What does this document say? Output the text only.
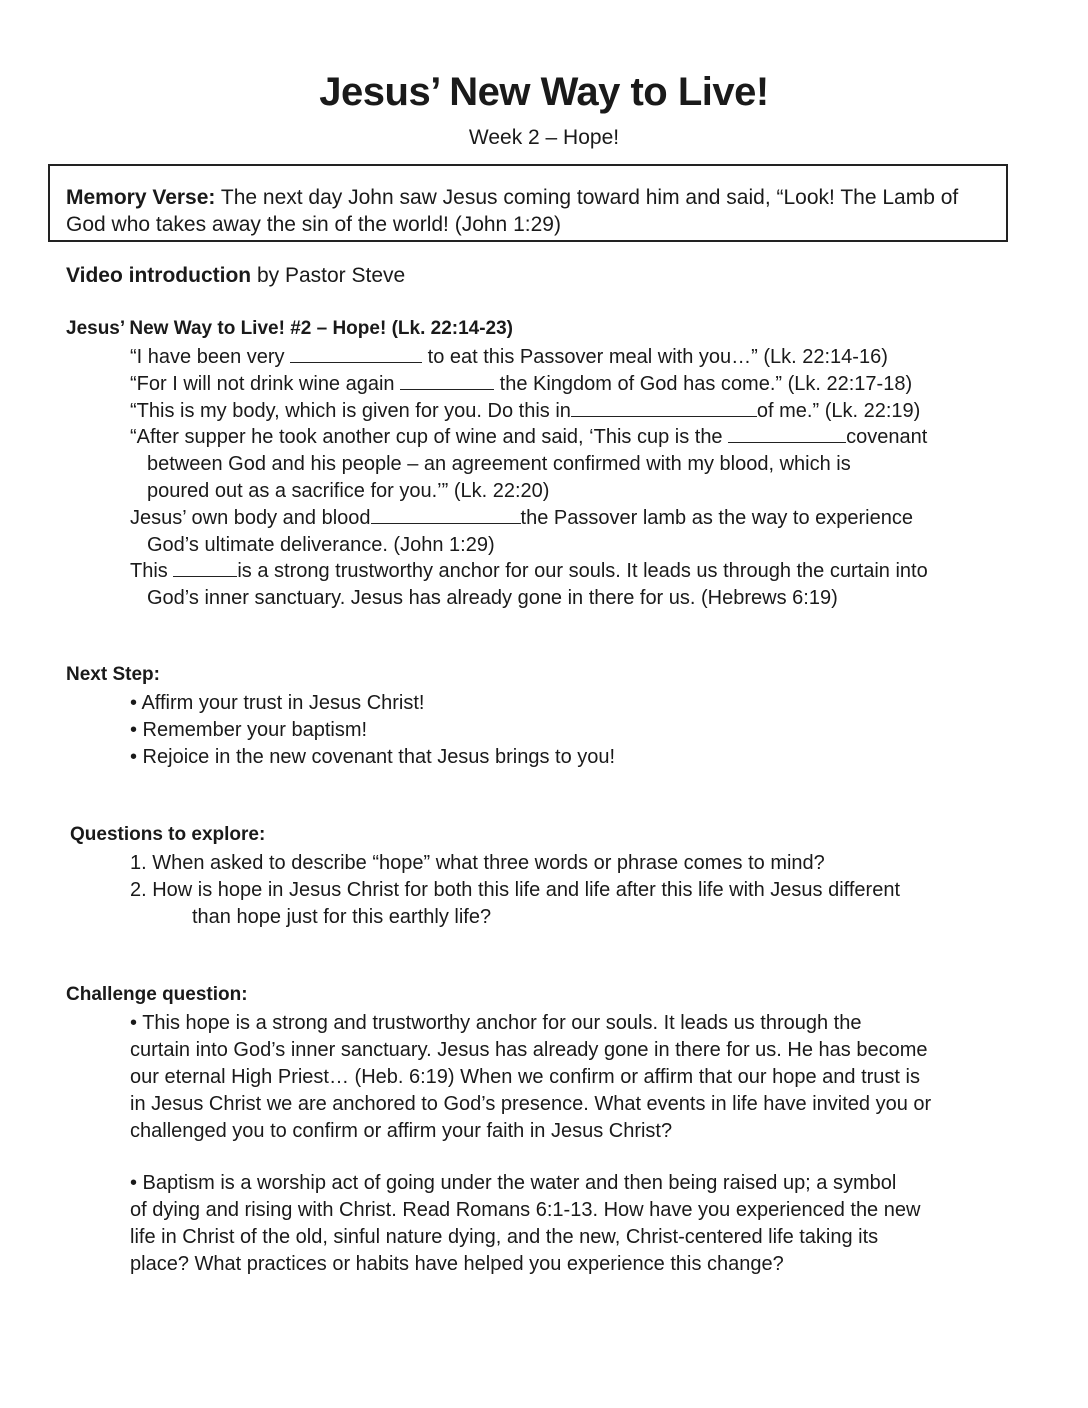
Jesus’ New Way to Live!
Week 2 – Hope!
Memory Verse: The next day John saw Jesus coming toward him and said, “Look! The Lamb of God who takes away the sin of the world! (John 1:29)
Video introduction by Pastor Steve
Jesus’ New Way to Live! #2 – Hope! (Lk. 22:14-23)
“I have been very	to eat this Passover meal with you…” (Lk. 22:14-16)
“For I will not drink wine again	the Kingdom of God has come.” (Lk. 22:17-18)
“This is my body, which is given for you. Do this in	of me.” (Lk. 22:19)
“After supper he took another cup of wine and said, ‘This cup is the	covenant
between God and his people – an agreement confirmed with my blood, which is
poured out as a sacrifice for you.’” (Lk. 22:20)
Jesus’ own body and blood	the Passover lamb as the way to experience
God’s ultimate deliverance. (John 1:29)
This	is a strong trustworthy anchor for our souls. It leads us through the curtain into
God’s inner sanctuary. Jesus has already gone in there for us. (Hebrews 6:19)
Next Step:
• Affirm your trust in Jesus Christ!
• Remember your baptism!
• Rejoice in the new covenant that Jesus brings to you!
Questions to explore:
1. When asked to describe “hope” what three words or phrase comes to mind?
2. How is hope in Jesus Christ for both this life and life after this life with Jesus different
than hope just for this earthly life?
Challenge question:
• This hope is a strong and trustworthy anchor for our souls. It leads us through the
curtain into God’s inner sanctuary. Jesus has already gone in there for us. He has become
our eternal High Priest… (Heb. 6:19) When we confirm or affirm that our hope and trust is
in Jesus Christ we are anchored to God’s presence. What events in life have invited you or
challenged you to confirm or affirm your faith in Jesus Christ?
• Baptism is a worship act of going under the water and then being raised up; a symbol
of dying and rising with Christ. Read Romans 6:1-13. How have you experienced the new
life in Christ of the old, sinful nature dying, and the new, Christ-centered life taking its
place? What practices or habits have helped you experience this change?
